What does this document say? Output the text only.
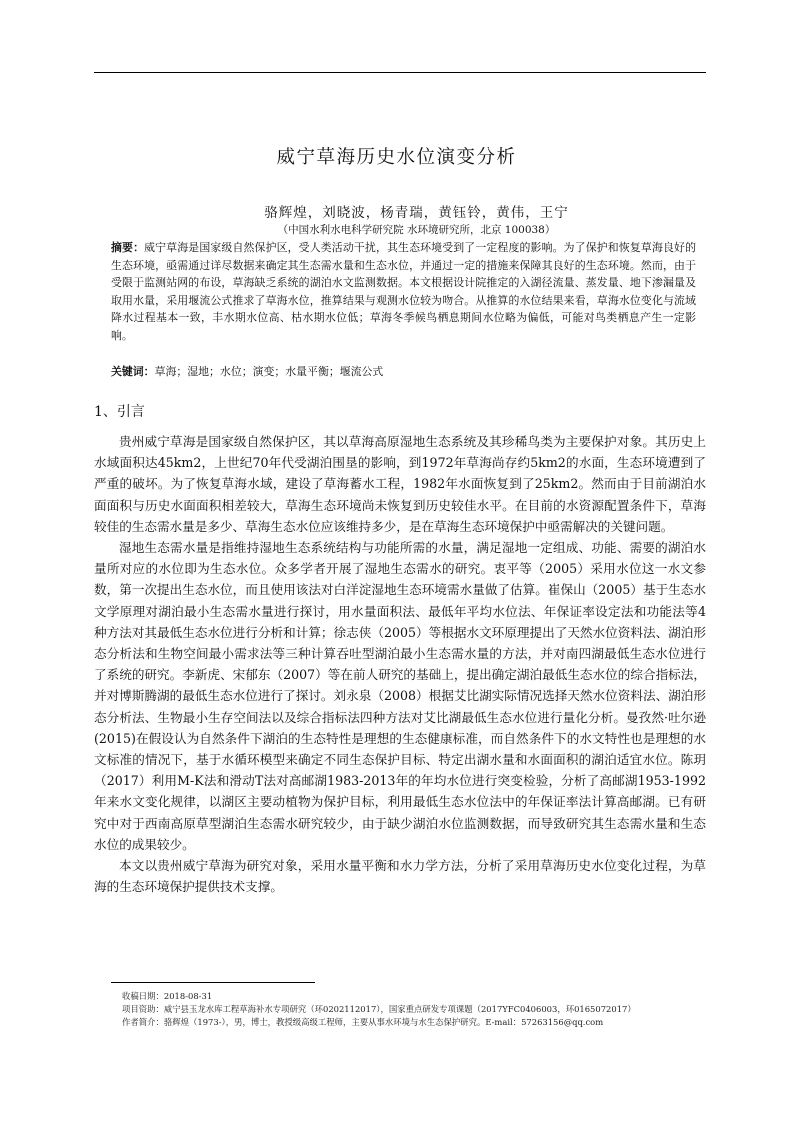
威宁草海历史水位演变分析
骆辉煌，刘晓波，杨青瑞，黄钰铃，黄伟，王宁
（中国水利水电科学研究院 水环境研究所，北京 100038）
摘要：威宁草海是国家级自然保护区，受人类活动干扰，其生态环境受到了一定程度的影响。为了保护和恢复草海良好的生态环境，亟需通过详尽数据来确定其生态需水量和生态水位，并通过一定的措施来保障其良好的生态环境。然而，由于受限于监测站网的布设，草海缺乏系统的湖泊水文监测数据。本文根据设计院推定的入湖径流量、蒸发量、地下渗漏量及取用水量，采用堰流公式推求了草海水位，推算结果与观测水位较为吻合。从推算的水位结果来看，草海水位变化与流域降水过程基本一致，丰水期水位高、枯水期水位低；草海冬季候鸟栖息期间水位略为偏低，可能对鸟类栖息产生一定影响。
关键词：草海；湿地；水位；演变；水量平衡；堰流公式
1、引言

贵州威宁草海是国家级自然保护区，其以草海高原湿地生态系统及其珍稀鸟类为主要保护对象。其历史上水域面积达45km2，上世纪70年代受湖泊围垦的影响，到1972年草海尚存约5km2的水面，生态环境遭到了严重的破坏。为了恢复草海水域，建设了草海蓄水工程，1982年水面恢复到了25km2。然而由于目前湖泊水面面积与历史水面面积相差较大，草海生态环境尚未恢复到历史较佳水平。在目前的水资源配置条件下，草海较佳的生态需水量是多少、草海生态水位应该维持多少，是在草海生态环境保护中亟需解决的关键问题。

湿地生态需水量是指维持湿地生态系统结构与功能所需的水量，满足湿地一定组成、功能、需要的湖泊水量所对应的水位即为生态水位。众多学者开展了湿地生态需水的研究。衷平等（2005）采用水位这一水文参数，第一次提出生态水位，而且使用该法对白洋淀湿地生态环境需水量做了估算。崔保山（2005）基于生态水文学原理对湖泊最小生态需水量进行探讨，用水量面积法、最低年平均水位法、年保证率设定法和功能法等4种方法对其最低生态水位进行分析和计算；徐志侠（2005）等根据水文环原理提出了天然水位资料法、湖泊形态分析法和生物空间最小需求法等三种计算吞吐型湖泊最小生态需水量的方法，并对南四湖最低生态水位进行了系统的研究。李新虎、宋郁东（2007）等在前人研究的基础上，提出确定湖泊最低生态水位的综合指标法，并对博斯腾湖的最低生态水位进行了探讨。刘永泉（2008）根据艾比湖实际情况选择天然水位资料法、湖泊形态分析法、生物最小生存空间法以及综合指标法四种方法对艾比湖最低生态水位进行量化分析。曼孜然·吐尔逊(2015)在假设认为自然条件下湖泊的生态特性是理想的生态健康标准，而自然条件下的水文特性也是理想的水文标准的情况下，基于水循环模型来确定不同生态保护目标、特定出湖水量和水面面积的湖泊适宜水位。陈玥（2017）利用M-K法和滑动T法对高邮湖1983-2013年的年均水位进行突变检验，分析了高邮湖1953-1992 年来水文变化规律，以湖区主要动植物为保护目标，利用最低生态水位法中的年保证率法计算高邮湖。已有研究中对于西南高原草型湖泊生态需水研究较少，由于缺少湖泊水位监测数据，而导致研究其生态需水量和生态水位的成果较少。

本文以贵州威宁草海为研究对象，采用水量平衡和水力学方法，分析了采用草海历史水位变化过程，为草海的生态环境保护提供技术支撑。

收稿日期：2018-08-31
项目资助：威宁县玉龙水库工程草海补水专项研究（环0202112017），国家重点研发专项课题（2017YFC0406003，环0165072017）
作者简介：骆辉煌（1973-），男，博士，教授级高级工程师，主要从事水环境与水生态保护研究。E-mail：57263156@qq.com
